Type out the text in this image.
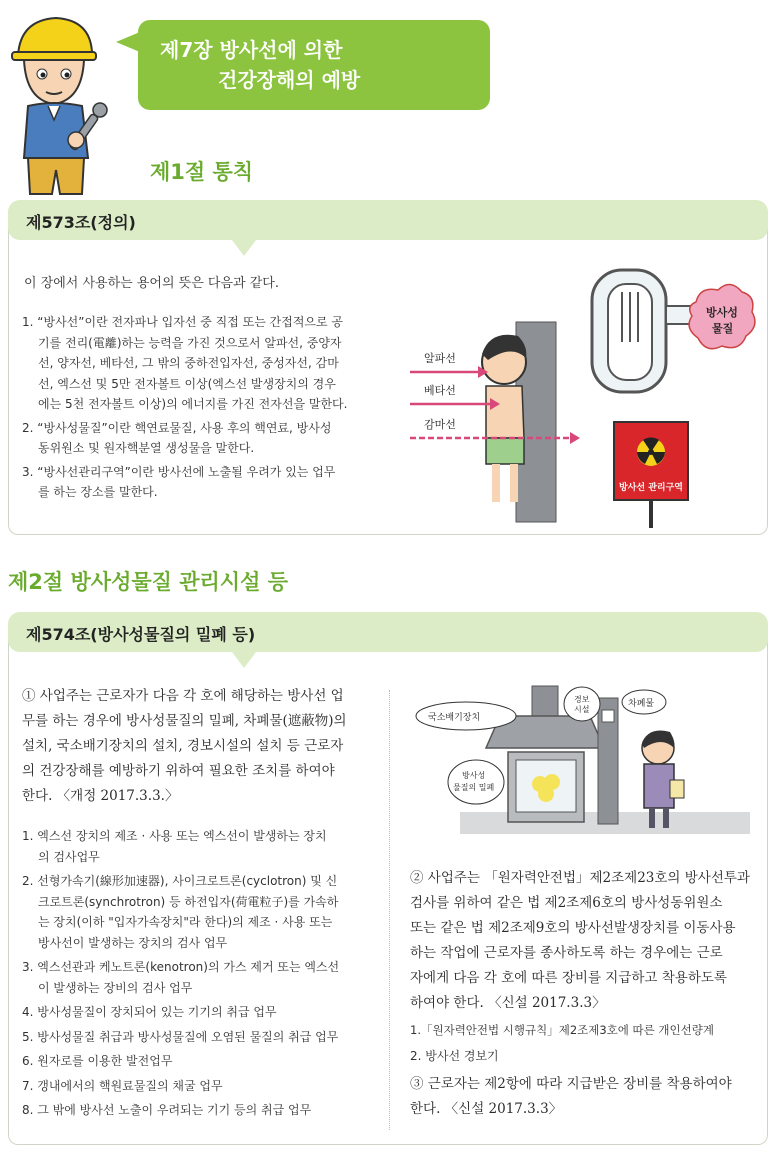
제7장 방사선에 의한
건강장해의 예방
제1절 통칙
제573조(정의)
이 장에서 사용하는 용어의 뜻은 다음과 같다.
1. “방사선”이란 전자파나 입자선 중 직접 또는 간접적으로 공
기를 전리(電離)하는 능력을 가진 것으로서 알파선, 중양자
선, 양자선, 베타선, 그 밖의 중하전입자선, 중성자선, 감마
선, 엑스선 및 5만 전자볼트 이상(엑스선 발생장치의 경우
에는 5천 전자볼트 이상)의 에너지를 가진 전자선을 말한다.
2. “방사성물질”이란 핵연료물질, 사용 후의 핵연료, 방사성
동위원소 및 원자핵분열 생성물을 말한다.
3. “방사선관리구역”이란 방사선에 노출될 우려가 있는 업무
를 하는 장소를 말한다.
방사성
물질
알파선
베타선
감마선
방사선 관리구역
제2절 방사성물질 관리시설 등
제574조(방사성물질의 밀폐 등)
① 사업주는 근로자가 다음 각 호에 해당하는 방사선 업
무를 하는 경우에 방사성물질의 밀폐, 차폐물(遮蔽物)의
설치, 국소배기장치의 설치, 경보시설의 설치 등 근로자
의 건강장해를 예방하기 위하여 필요한 조치를 하여야
한다. 〈개정 2017.3.3.〉
1. 엑스선 장치의 제조 · 사용 또는 엑스선이 발생하는 장치
의 검사업무
2. 선형가속기(線形加速器), 사이크로트론(cyclotron) 및 신
크로트론(synchrotron) 등 하전입자(荷電粒子)를 가속하
는 장치(이하 "입자가속장치"라 한다)의 제조 · 사용 또는
방사선이 발생하는 장치의 검사 업무
3. 엑스선관과 케노트론(kenotron)의 가스 제거 또는 엑스선
이 발생하는 장비의 검사 업무
4. 방사성물질이 장치되어 있는 기기의 취급 업무
5. 방사성물질 취급과 방사성물질에 오염된 물질의 취급 업무
6. 원자로를 이용한 발전업무
7. 갱내에서의 핵원료물질의 채굴 업무
8. 그 밖에 방사선 노출이 우려되는 기기 등의 취급 업무
국소배기장치
경보
시설
차폐물
방사성
물질의 밀폐
② 사업주는 「원자력안전법」제2조제23호의 방사선투과
검사를 위하여 같은 법 제2조제6호의 방사성동위원소
또는 같은 법 제2조제9호의 방사선발생장치를 이동사용
하는 작업에 근로자를 종사하도록 하는 경우에는 근로
자에게 다음 각 호에 따른 장비를 지급하고 착용하도록
하여야 한다. 〈신설 2017.3.3〉
1.「원자력안전법 시행규칙」제2조제3호에 따른 개인선량계
2. 방사선 경보기
③ 근로자는 제2항에 따라 지급받은 장비를 착용하여야
한다. 〈신설 2017.3.3〉
